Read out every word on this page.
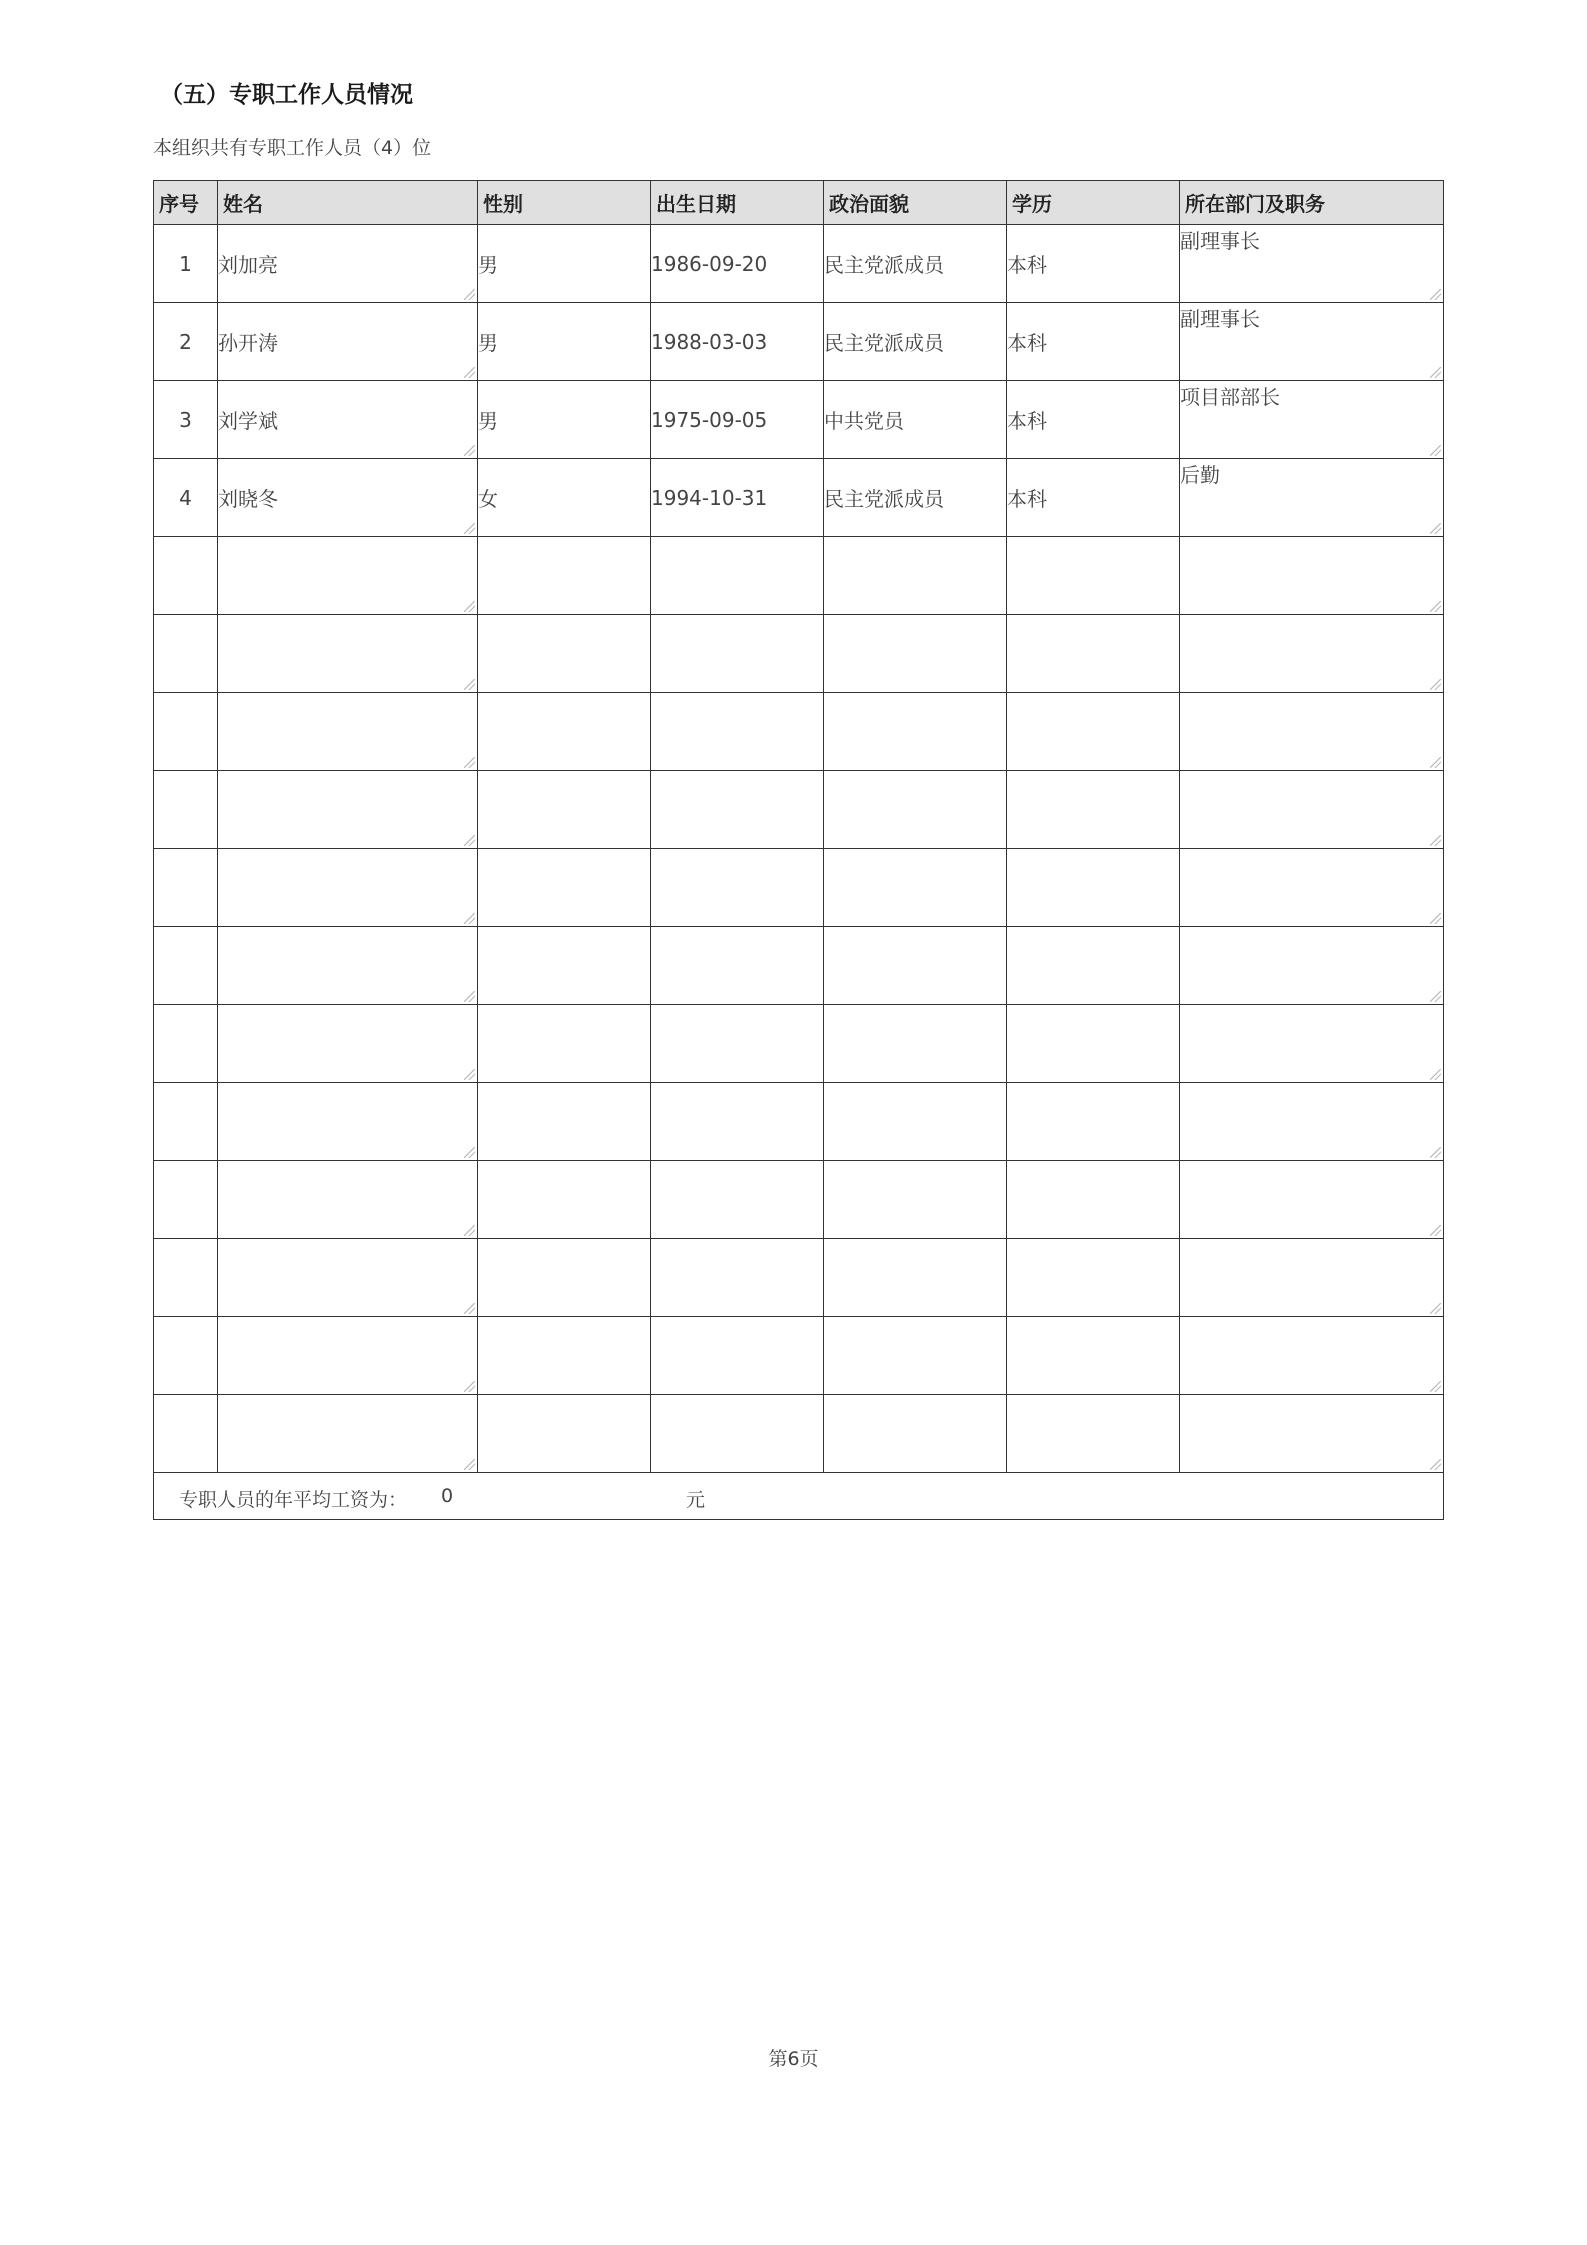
（五）专职工作人员情况
本组织共有专职工作人员（4）位
序号	姓名	性别	出生日期	政治面貌	学历	所在部门及职务
1	刘加亮	男	1986-09-20	民主党派成员	本科	副理事长

2	孙开涛	男	1988-03-03	民主党派成员	本科	副理事长

3	刘学斌	男	1975-09-05	中共党员	本科	项目部部长

4	刘晓冬	女	1994-10-31	民主党派成员	本科	后勤

专职人员的年平均工资为： 0 元						
第6页
